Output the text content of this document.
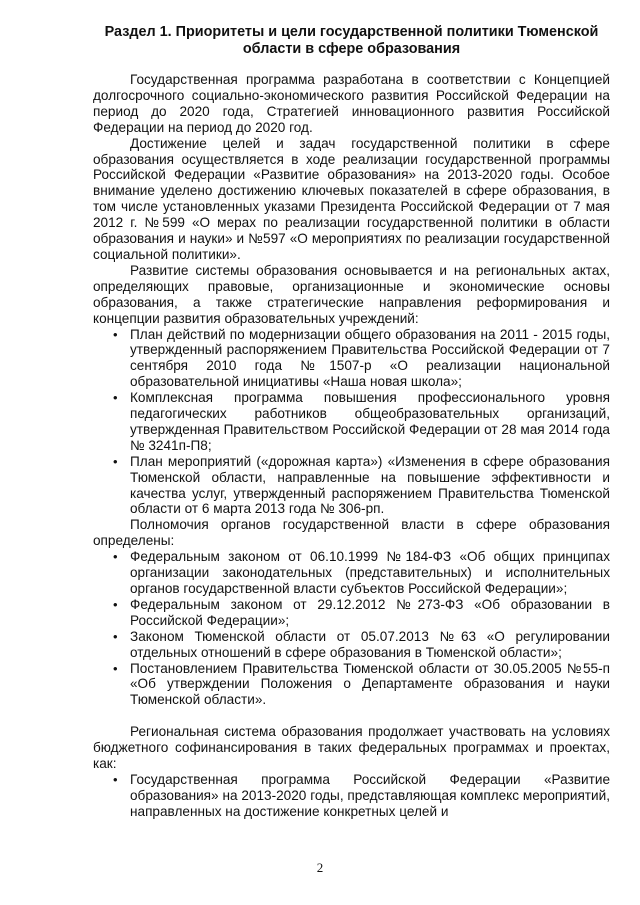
Раздел 1. Приоритеты и цели государственной политики Тюменской
области в сфере образования

Государственная программа разработана в соответствии с Концепцией долгосрочного социально-экономического развития Российской Федерации на период до 2020 года, Стратегией инновационного развития Российской Федерации на период до 2020 год.

Достижение целей и задач государственной политики в сфере образования осуществляется в ходе реализации государственной программы Российской Федерации «Развитие образования» на 2013-2020 годы. Особое внимание уделено достижению ключевых показателей в сфере образования, в том числе установленных указами Президента Российской Федерации от 7 мая 2012 г. №599 «О мерах по реализации государственной политики в области образования и науки» и №597 «О мероприятиях по реализации государственной социальной политики».

Развитие системы образования основывается и на региональных актах, определяющих правовые, организационные и экономические основы образования, а также стратегические направления реформирования и концепции развития образовательных учреждений:

• План действий по модернизации общего образования на 2011 - 2015 годы, утвержденный распоряжением Правительства Российской Федерации от 7 сентября 2010 года №1507-р «О реализации национальной образовательной инициативы «Наша новая школа»;
• Комплексная программа повышения профессионального уровня педагогических работников общеобразовательных организаций, утвержденная Правительством Российской Федерации от 28 мая 2014 года № 3241п-П8;
• План мероприятий («дорожная карта») «Изменения в сфере образования Тюменской области, направленные на повышение эффективности и качества услуг, утвержденный распоряжением Правительства Тюменской области от 6 марта 2013 года № 306-рп.

Полномочия органов государственной власти в сфере образования определены:

• Федеральным законом от 06.10.1999 №184-ФЗ «Об общих принципах организации законодательных (представительных) и исполнительных органов государственной власти субъектов Российской Федерации»;
• Федеральным законом от 29.12.2012 №273-ФЗ «Об образовании в Российской Федерации»;
• Законом Тюменской области от 05.07.2013 №63 «О регулировании отдельных отношений в сфере образования в Тюменской области»;
• Постановлением Правительства Тюменской области от 30.05.2005 №55-п «Об утверждении Положения о Департаменте образования и науки Тюменской области».

Региональная система образования продолжает участвовать на условиях бюджетного софинансирования в таких федеральных программах и проектах, как:

• Государственная программа Российской Федерации «Развитие образования» на 2013-2020 годы, представляющая комплекс мероприятий, направленных на достижение конкретных целей и
2
